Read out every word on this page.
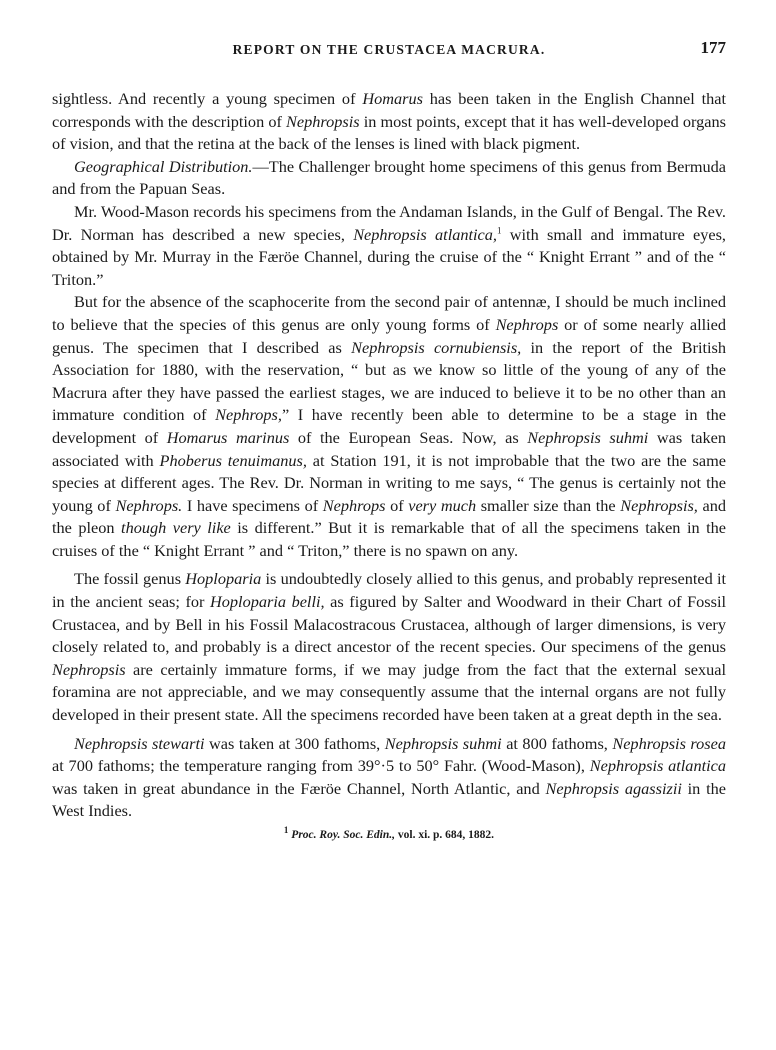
REPORT ON THE CRUSTACEA MACRURA.	177

sightless. And recently a young specimen of Homarus has been taken in the English Channel that corresponds with the description of Nephropsis in most points, except that it has well-developed organs of vision, and that the retina at the back of the lenses is lined with black pigment.

Geographical Distribution.—The Challenger brought home specimens of this genus from Bermuda and from the Papuan Seas.

Mr. Wood-Mason records his specimens from the Andaman Islands, in the Gulf of Bengal. The Rev. Dr. Norman has described a new species, Nephropsis atlantica,$^1$ with small and immature eyes, obtained by Mr. Murray in the Færöe Channel, during the cruise of the “ Knight Errant ” and of the “ Triton.”

But for the absence of the scaphocerite from the second pair of antennæ, I should be much inclined to believe that the species of this genus are only young forms of Nephrops or of some nearly allied genus. The specimen that I described as Nephropsis cornubiensis, in the report of the British Association for 1880, with the reservation, “ but as we know so little of the young of any of the Macrura after they have passed the earliest stages, we are induced to believe it to be no other than an immature condition of Nephrops,” I have recently been able to determine to be a stage in the development of Homarus marinus of the European Seas. Now, as Nephropsis suhmi was taken associated with Phoberus tenuimanus, at Station 191, it is not improbable that the two are the same species at different ages. The Rev. Dr. Norman in writing to me says, “ The genus is certainly not the young of Nephrops. I have specimens of Nephrops of very much smaller size than the Nephropsis, and the pleon though very like is different.” But it is remarkable that of all the specimens taken in the cruises of the “ Knight Errant ” and “ Triton,” there is no spawn on any.

The fossil genus Hoploparia is undoubtedly closely allied to this genus, and probably represented it in the ancient seas; for Hoploparia belli, as figured by Salter and Woodward in their Chart of Fossil Crustacea, and by Bell in his Fossil Malacostracous Crustacea, although of larger dimensions, is very closely related to, and probably is a direct ancestor of the recent species. Our specimens of the genus Nephropsis are certainly immature forms, if we may judge from the fact that the external sexual foramina are not appreciable, and we may consequently assume that the internal organs are not fully developed in their present state. All the specimens recorded have been taken at a great depth in the sea.

Nephropsis stewarti was taken at 300 fathoms, Nephropsis suhmi at 800 fathoms, Nephropsis rosea at 700 fathoms; the temperature ranging from 39°·5 to 50° Fahr. (Wood-Mason), Nephropsis atlantica was taken in great abundance in the Færöe Channel, North Atlantic, and Nephropsis agassizii in the West Indies.

$^1$ Proc. Roy. Soc. Edin., vol. xi. p. 684, 1882.
